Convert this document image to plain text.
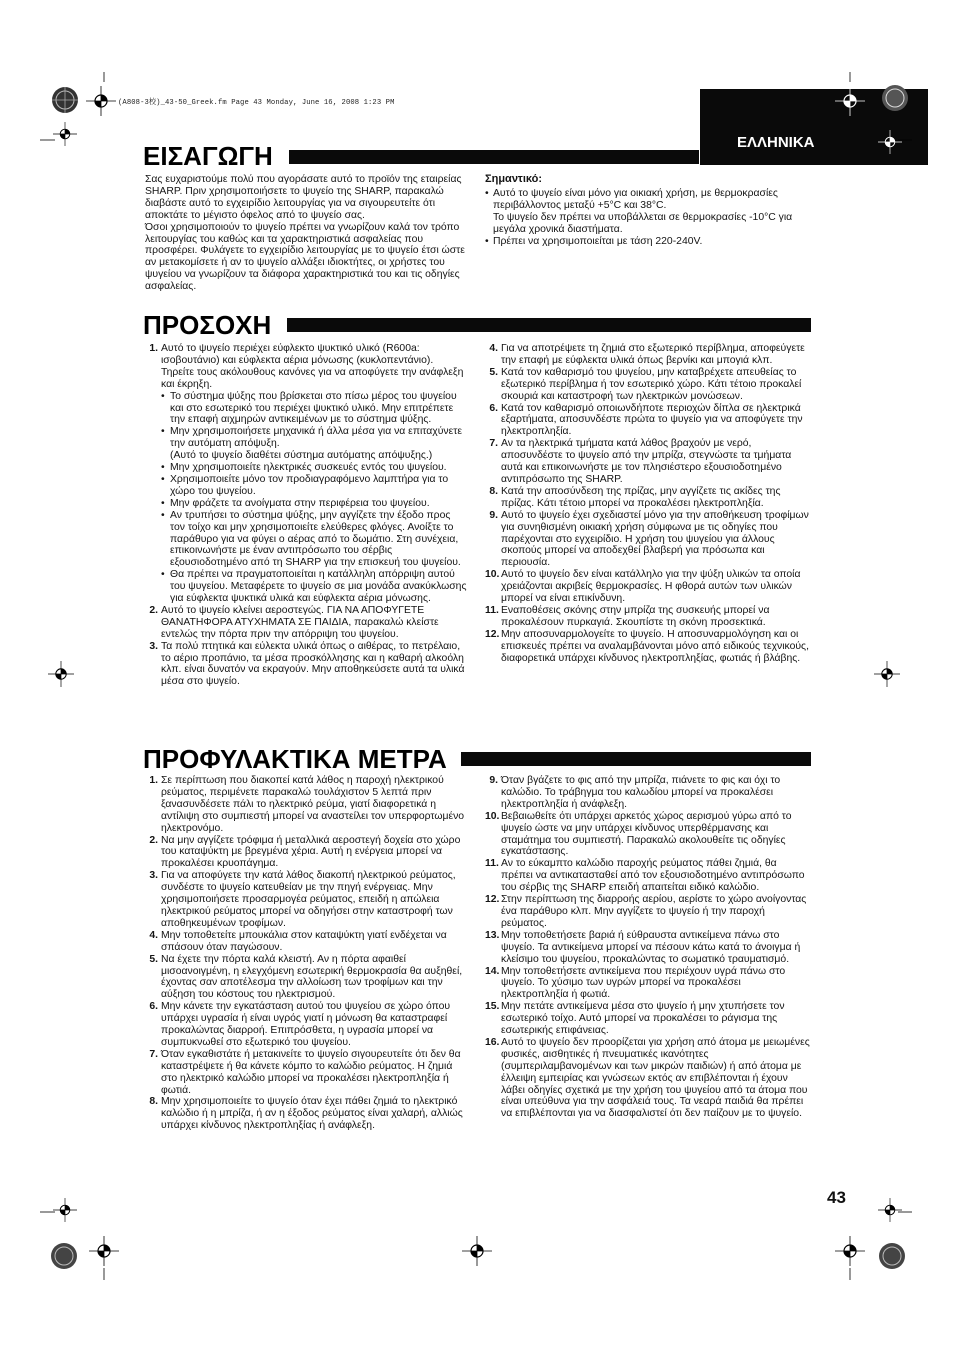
(A808-3校)_43-50_Greek.fm Page 43 Monday, June 16, 2008 1:23 PM
ΕΛΛΗΝΙΚΑ
ΕΙΣΑΓΩΓΗ

Σας ευχαριστούμε πολύ που αγοράσατε αυτό το προϊόν της εταιρείας SHARP. Πριν χρησιμοποιήσετε το ψυγείο της SHARP, παρακαλώ διαβάστε αυτό το εγχειρίδιο λειτουργίας για να σιγουρευτείτε ότι αποκτάτε το μέγιστο όφελος από το ψυγείο σας.

Όσοι χρησιμοποιούν το ψυγείο πρέπει να γνωρίζουν καλά τον τρόπο λειτουργίας του καθώς και τα χαρακτηριστικά ασφαλείας που προσφέρει. Φυλάγετε το εγχειρίδιο λειτουργίας με το ψυγείο έτσι ώστε αν μετακομίσετε ή αν το ψυγείο αλλάξει ιδιοκτήτες, οι χρήστες του ψυγείου να γνωρίζουν τα διάφορα χαρακτηριστικά του και τις οδηγίες ασφαλείας.

Σημαντικό:
• Αυτό το ψυγείο είναι μόνο για οικιακή χρήση, με θερμοκρασίες περιβάλλοντος μεταξύ +5°C και 38°C.
Το ψυγείο δεν πρέπει να υποβάλλεται σε θερμοκρασίες -10°C για μεγάλα χρονικά διαστήματα.
• Πρέπει να χρησιμοποιείται με τάση 220-240V.
ΠΡΟΣΟΧΗ
1. Αυτό το ψυγείο περιέχει εύφλεκτο ψυκτικό υλικό (R600a: ισοβουτάνιο) και εύφλεκτα αέρια μόνωσης (κυκλοπεντάνιο). Τηρείτε τους ακόλουθους κανόνες για να αποφύγετε την ανάφλεξη και έκρηξη.

• Το σύστημα ψύξης που βρίσκεται στο πίσω μέρος του ψυγείου και στο εσωτερικό του περιέχει ψυκτικό υλικό. Μην επιτρέπετε την επαφή αιχμηρών αντικειμένων με το σύστημα ψύξης.
• Μην χρησιμοποιήσετε μηχανικά ή άλλα μέσα για να επιταχύνετε την αυτόματη απόψυξη.
(Αυτό το ψυγείο διαθέτει σύστημα αυτόματης απόψυξης.)
• Μην χρησιμοποιείτε ηλεκτρικές συσκευές εντός του ψυγείου.
• Χρησιμοποιείτε μόνο τον προδιαγραφόμενο λαμπτήρα για το χώρο του ψυγείου.
• Μην φράζετε τα ανοίγματα στην περιφέρεια του ψυγείου.
• Αν τρυπήσει το σύστημα ψύξης, μην αγγίζετε την έξοδο προς τον τοίχο και μην χρησιμοποιείτε ελεύθερες φλόγες. Ανοίξτε το παράθυρο για να φύγει ο αέρας από το δωμάτιο. Στη συνέχεια, επικοινωνήστε με έναν αντιπρόσωπο του σέρβις εξουσιοδοτημένο από τη SHARP για την επισκευή του ψυγείου.
• Θα πρέπει να πραγματοποιείται η κατάλληλη απόρριψη αυτού του ψυγείου. Μεταφέρετε το ψυγείο σε μια μονάδα ανακύκλωσης για εύφλεκτα ψυκτικά υλικά και εύφλεκτα αέρια μόνωσης.
2. Αυτό το ψυγείο κλείνει αεροστεγώς. ΓΙΑ ΝΑ ΑΠΟΦΥΓΕΤΕ ΘΑΝΑΤΗΦΟΡΑ ΑΤΥΧΗΜΑΤΑ ΣΕ ΠΑΙΔΙΑ, παρακαλώ κλείστε εντελώς την πόρτα πριν την απόρριψη του ψυγείου.

3. Τα πολύ πτητικά και εύλεκτα υλικά όπως ο αιθέρας, το πετρέλαιο, το αέριο προπάνιο, τα μέσα προσκόλλησης και η καθαρή αλκοόλη κλπ. είναι δυνατόν να εκραγούν. Μην αποθηκεύσετε αυτά τα υλικά μέσα στο ψυγείο.

4. Για να αποτρέψετε τη ζημιά στο εξωτερικό περίβλημα, αποφεύγετε την επαφή με εύφλεκτα υλικά όπως βερνίκι και μπογιά κλπ.

5. Κατά τον καθαρισμό του ψυγείου, μην καταβρέχετε απευθείας το εξωτερικό περίβλημα ή τον εσωτερικό χώρο. Κάτι τέτοιο προκαλεί σκουριά και καταστροφή των ηλεκτρικών μονώσεων.

6. Κατά τον καθαρισμό οποιωνδήποτε περιοχών δίπλα σε ηλεκτρικά εξαρτήματα, αποσυνδέστε πρώτα το ψυγείο για να αποφύγετε την ηλεκτροπληξία.

7. Αν τα ηλεκτρικά τμήματα κατά λάθος βραχούν με νερό, αποσυνδέστε το ψυγείο από την μπρίζα, στεγνώστε τα τμήματα αυτά και επικοινωνήστε με τον πλησιέστερο εξουσιοδοτημένο αντιπρόσωπο της SHARP.

8. Κατά την αποσύνδεση της πρίζας, μην αγγίζετε τις ακίδες της πρίζας. Κάτι τέτοιο μπορεί να προκαλέσει ηλεκτροπληξία.

9. Αυτό το ψυγείο έχει σχεδιαστεί μόνο για την αποθήκευση τροφίμων για συνηθισμένη οικιακή χρήση σύμφωνα με τις οδηγίες που παρέχονται στο εγχειρίδιο. Η χρήση του ψυγείου για άλλους σκοπούς μπορεί να αποδεχθεί βλαβερή για πρόσωπα και περιουσία.

10. Αυτό το ψυγείο δεν είναι κατάλληλο για την ψύξη υλικών τα οποία χρειάζονται ακριβείς θερμοκρασίες. Η φθορά αυτών των υλικών μπορεί να είναι επικίνδυνη.

11. Εναποθέσεις σκόνης στην μπρίζα της συσκευής μπορεί να προκαλέσουν πυρκαγιά. Σκουπίστε τη σκόνη προσεκτικά.

12. Μην αποσυναρμολογείτε το ψυγείο. Η αποσυναρμολόγηση και οι επισκευές πρέπει να αναλαμβάνονται μόνο από ειδικούς τεχνικούς, διαφορετικά υπάρχει κίνδυνος ηλεκτροπληξίας, φωτιάς ή βλάβης.

ΠΡΟΦΥΛΑΚΤΙΚΑ ΜΕΤΡΑ
1. Σε περίπτωση που διακοπεί κατά λάθος η παροχή ηλεκτρικού ρεύματος, περιμένετε παρακαλώ τουλάχιστον 5 λεπτά πριν ξανασυνδέσετε πάλι το ηλεκτρικό ρεύμα, γιατί διαφορετικά η αντίλιψη στο συμπιεστή μπορεί να αναστείλει τον υπερφορτωμένο ηλεκτρονόμο.

2. Να μην αγγίζετε τρόφιμα ή μεταλλικά αεροστεγή δοχεία στο χώρο του καταψύκτη με βρεγμένα χέρια. Αυτή η ενέργεια μπορεί να προκαλέσει κρυοπάγημα.

3. Για να αποφύγετε την κατά λάθος διακοπή ηλεκτρικού ρεύματος, συνδέστε το ψυγείο κατευθείαν με την πηγή ενέργειας. Μην χρησιμοποιήσετε προσαρμογέα ρεύματος, επειδή η απώλεια ηλεκτρικού ρεύματος μπορεί να οδηγήσει στην καταστροφή των αποθηκευμένων τροφίμων.

4. Μην τοποθετείτε μπουκάλια στον καταψύκτη γιατί ενδέχεται να σπάσουν όταν παγώσουν.

5. Να έχετε την πόρτα καλά κλειστή. Αν η πόρτα αφαιθεί μισοανοιγμένη, η ελεγχόμενη εσωτερική θερμοκρασία θα αυξηθεί, έχοντας σαν αποτέλεσμα την αλλοίωση των τροφίμων και την αύξηση του κόστους του ηλεκτρισμού.

6. Μην κάνετε την εγκατάσταση αυτού του ψυγείου σε χώρο όπου υπάρχει υγρασία ή είναι υγρός γιατί η μόνωση θα καταστραφεί προκαλώντας διαρροή. Επιπρόσθετα, η υγρασία μπορεί να συμπυκνωθεί στο εξωτερικό του ψυγείου.

7. Όταν εγκαθιστάτε ή μετακινείτε το ψυγείο σιγουρευτείτε ότι δεν θα καταστρέψετε ή θα κάνετε κόμπο το καλώδιο ρεύματος. Η ζημιά στο ηλεκτρικό καλώδιο μπορεί να προκαλέσει ηλεκτροπληξία ή φωτιά.

8. Μην χρησιμοποιείτε το ψυγείο όταν έχει πάθει ζημιά το ηλεκτρικό καλώδιο ή η μπρίζα, ή αν η έξοδος ρεύματος είναι χαλαρή, αλλιώς υπάρχει κίνδυνος ηλεκτροπληξίας ή ανάφλεξη.

9. Όταν βγάζετε το φις από την μπρίζα, πιάνετε το φις και όχι το καλώδιο. Το τράβηγμα του καλωδίου μπορεί να προκαλέσει ηλεκτροπληξία ή ανάφλεξη.

10. Βεβαιωθείτε ότι υπάρχει αρκετός χώρος αερισμού γύρω από το ψυγείο ώστε να μην υπάρχει κίνδυνος υπερθέρμανσης και σταμάτημα του συμπιεστή. Παρακαλώ ακολουθείτε τις οδηγίες εγκατάστασης.

11. Αν το εύκαμπτο καλώδιο παροχής ρεύματος πάθει ζημιά, θα πρέπει να αντικατασταθεί από τον εξουσιοδοτημένο αντιπρόσωπο του σέρβις της SHARP επειδή απαιτείται ειδικό καλώδιο.

12. Στην περίπτωση της διαρροής αερίου, αερίστε το χώρο ανοίγοντας ένα παράθυρο κλπ. Μην αγγίζετε το ψυγείο ή την παροχή ρεύματος.

13. Μην τοποθετήσετε βαριά ή εύθραυστα αντικείμενα πάνω στο ψυγείο. Τα αντικείμενα μπορεί να πέσουν κάτω κατά το άνοιγμα ή κλείσιμο του ψυγείου, προκαλώντας το σωματικό τραυματισμό.

14. Μην τοποθετήσετε αντικείμενα που περιέχουν υγρά πάνω στο ψυγείο. Το χύσιμο των υγρών μπορεί να προκαλέσει ηλεκτροπληξία ή φωτιά.

15. Μην πετάτε αντικείμενα μέσα στο ψυγείο ή μην χτυπήσετε τον εσωτερικό τοίχο. Αυτό μπορεί να προκαλέσει το ράγισμα της εσωτερικής επιφάνειας.

16. Αυτό το ψυγείο δεν προορίζεται για χρήση από άτομα με μειωμένες φυσικές, αισθητικές ή πνευματικές ικανότητες (συμπεριλαμβανομένων και των μικρών παιδιών) ή από άτομα με έλλειψη εμπειρίας και γνώσεων εκτός αν επιβλέπονται ή έχουν λάβει οδηγίες σχετικά με την χρήση του ψυγείου από τα άτομα που είναι υπεύθυνα για την ασφάλειά τους. Τα νεαρά παιδιά θα πρέπει να επιβλέπονται για να διασφαλιστεί ότι δεν παίζουν με το ψυγείο.

43
